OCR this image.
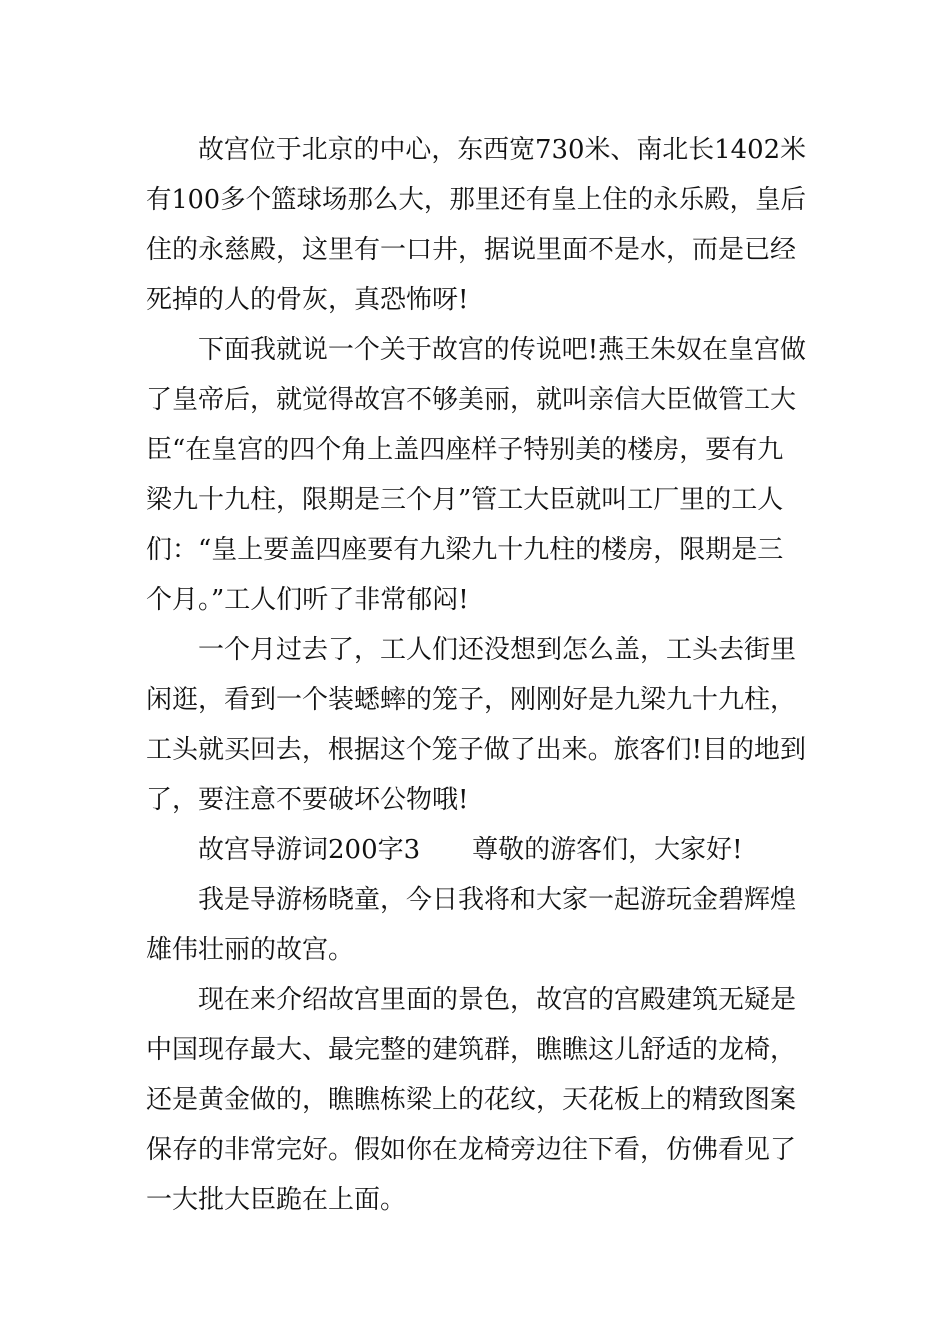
故宫位于北京的中心，东西宽730米、南北长1402米
有100多个篮球场那么大，那里还有皇上住的永乐殿，皇后
住的永慈殿，这里有一口井，据说里面不是水，而是已经
死掉的人的骨灰，真恐怖呀!
下面我就说一个关于故宫的传说吧!燕王朱奴在皇宫做
了皇帝后，就觉得故宫不够美丽，就叫亲信大臣做管工大
臣“在皇宫的四个角上盖四座样子特别美的楼房，要有九
梁九十九柱，限期是三个月”管工大臣就叫工厂里的工人
们：“皇上要盖四座要有九梁九十九柱的楼房，限期是三
个月。”工人们听了非常郁闷!
一个月过去了，工人们还没想到怎么盖，工头去街里
闲逛，看到一个装蟋蟀的笼子，刚刚好是九梁九十九柱，
工头就买回去，根据这个笼子做了出来。旅客们!目的地到
了，要注意不要破坏公物哦!
故宫导游词200字3　　尊敬的游客们，大家好!
我是导游杨晓童，今日我将和大家一起游玩金碧辉煌
雄伟壮丽的故宫。
现在来介绍故宫里面的景色，故宫的宫殿建筑无疑是
中国现存最大、最完整的建筑群，瞧瞧这儿舒适的龙椅，
还是黄金做的，瞧瞧栋梁上的花纹，天花板上的精致图案
保存的非常完好。假如你在龙椅旁边往下看，仿佛看见了
一大批大臣跪在上面。
